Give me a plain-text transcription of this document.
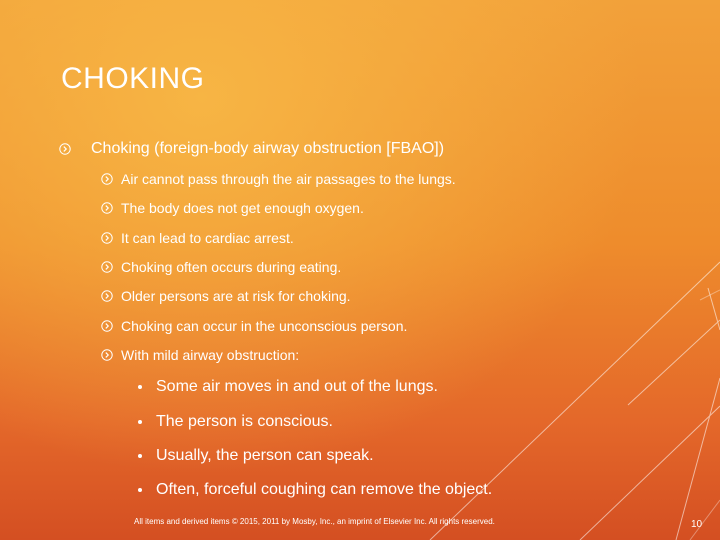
CHOKING
Choking (foreign-body airway obstruction [FBAO])
Air cannot pass through the air passages to the lungs.
The body does not get enough oxygen.
It can lead to cardiac arrest.
Choking often occurs during eating.
Older persons are at risk for choking.
Choking can occur in the unconscious person.
With mild airway obstruction:
Some air moves in and out of the lungs.
The person is conscious.
Usually, the person can speak.
Often, forceful coughing can remove the object.
All items and derived items © 2015, 2011 by Mosby, Inc., an imprint of Elsevier Inc. All rights reserved.	10
